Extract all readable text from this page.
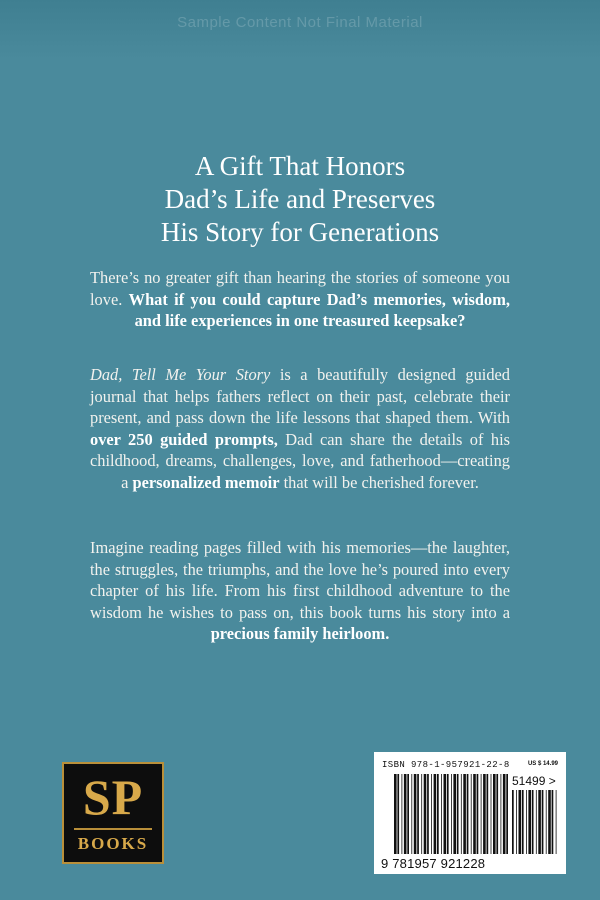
Sample Content Not Final Material
A Gift That Honors
Dad’s Life and Preserves
His Story for Generations

There’s no greater gift than hearing the stories of someone you love. What if you could capture Dad’s memories, wisdom, and life experiences in one treasured keepsake?

Dad, Tell Me Your Story is a beautifully designed guided journal that helps fathers reflect on their past, celebrate their present, and pass down the life lessons that shaped them. With over 250 guided prompts, Dad can share the details of his childhood, dreams, challenges, love, and fatherhood—creating a personalized memoir that will be cherished forever.

Imagine reading pages filled with his memories—the laughter, the struggles, the triumphs, and the love he’s poured into every chapter of his life. From his first childhood adventure to the wisdom he wishes to pass on, this book turns his story into a precious family heirloom.

SP
BOOKS
ISBN 978-1-957921-22-8	US $ 14.99
51499 >
9 781957 921228
